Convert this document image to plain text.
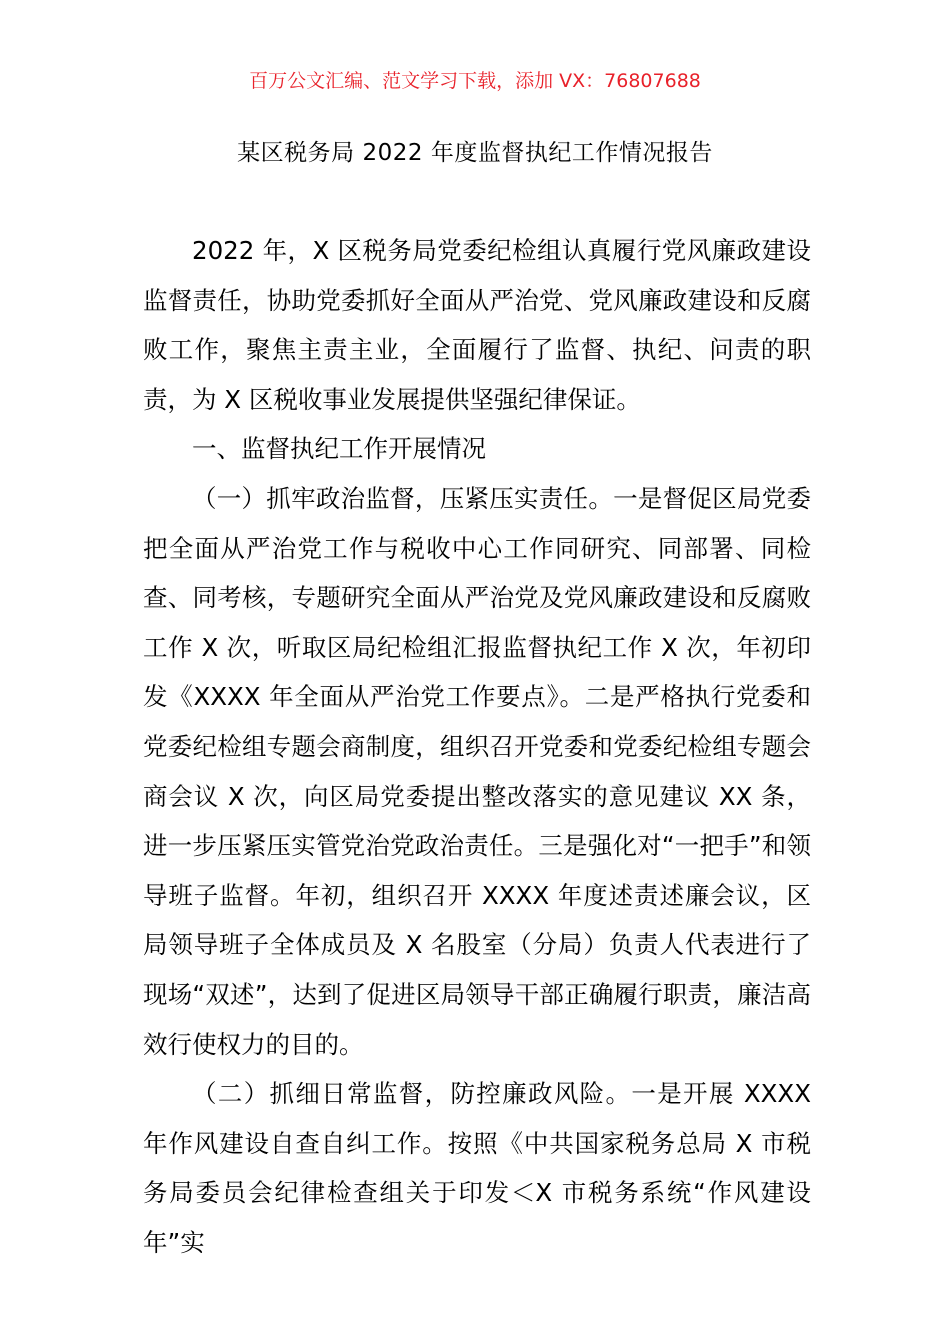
百万公文汇编、范文学习下载，添加 VX：76807688
某区税务局 2022 年度监督执纪工作情况报告

2022 年，X 区税务局党委纪检组认真履行党风廉政建设监督责任，协助党委抓好全面从严治党、党风廉政建设和反腐败工作，聚焦主责主业，全面履行了监督、执纪、问责的职责，为 X 区税收事业发展提供坚强纪律保证。

一、监督执纪工作开展情况

（一）抓牢政治监督，压紧压实责任。一是督促区局党委把全面从严治党工作与税收中心工作同研究、同部署、同检查、同考核，专题研究全面从严治党及党风廉政建设和反腐败工作 X 次，听取区局纪检组汇报监督执纪工作 X 次，年初印发《XXXX 年全面从严治党工作要点》。二是严格执行党委和党委纪检组专题会商制度，组织召开党委和党委纪检组专题会商会议 X 次，向区局党委提出整改落实的意见建议 XX 条，进一步压紧压实管党治党政治责任。三是强化对“一把手”和领导班子监督。年初，组织召开 XXXX 年度述责述廉会议，区局领导班子全体成员及 X 名股室（分局）负责人代表进行了现场“双述”，达到了促进区局领导干部正确履行职责，廉洁高效行使权力的目的。

（二）抓细日常监督，防控廉政风险。一是开展 XXXX 年作风建设自查自纠工作。按照《中共国家税务总局 X 市税务局委员会纪律检查组关于印发＜X 市税务系统“作风建设年”实
